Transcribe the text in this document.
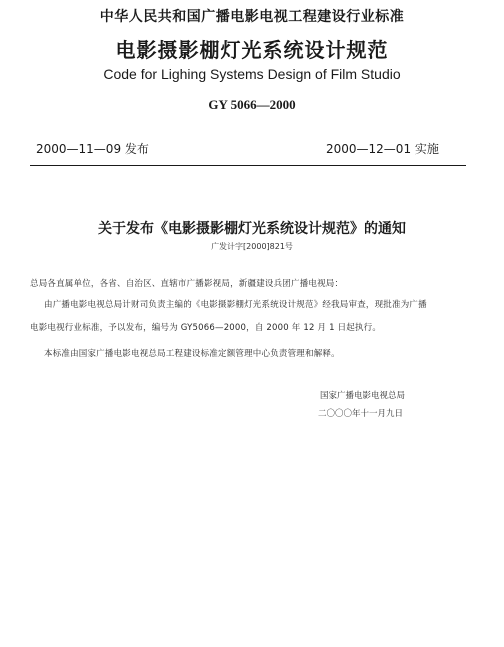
中华人民共和国广播电影电视工程建设行业标准
电影摄影棚灯光系统设计规范
Code for Lighing Systems Design of Film Studio
GY 5066—2000
2000—11—09 发布	2000—12—01 实施
关于发布《电影摄影棚灯光系统设计规范》的通知
广发计字[2000]821号
总局各直属单位，各省、自治区、直辖市广播影视局，新疆建设兵团广播电视局：
由广播电影电视总局计财司负责主编的《电影摄影棚灯光系统设计规范》经我局审查，现批准为广播
电影电视行业标准，予以发布，编号为 GY5066—2000，自 2000 年 12 月 1 日起执行。
本标准由国家广播电影电视总局工程建设标准定额管理中心负责管理和解释。
国家广播电影电视总局
二〇〇〇年十一月九日
